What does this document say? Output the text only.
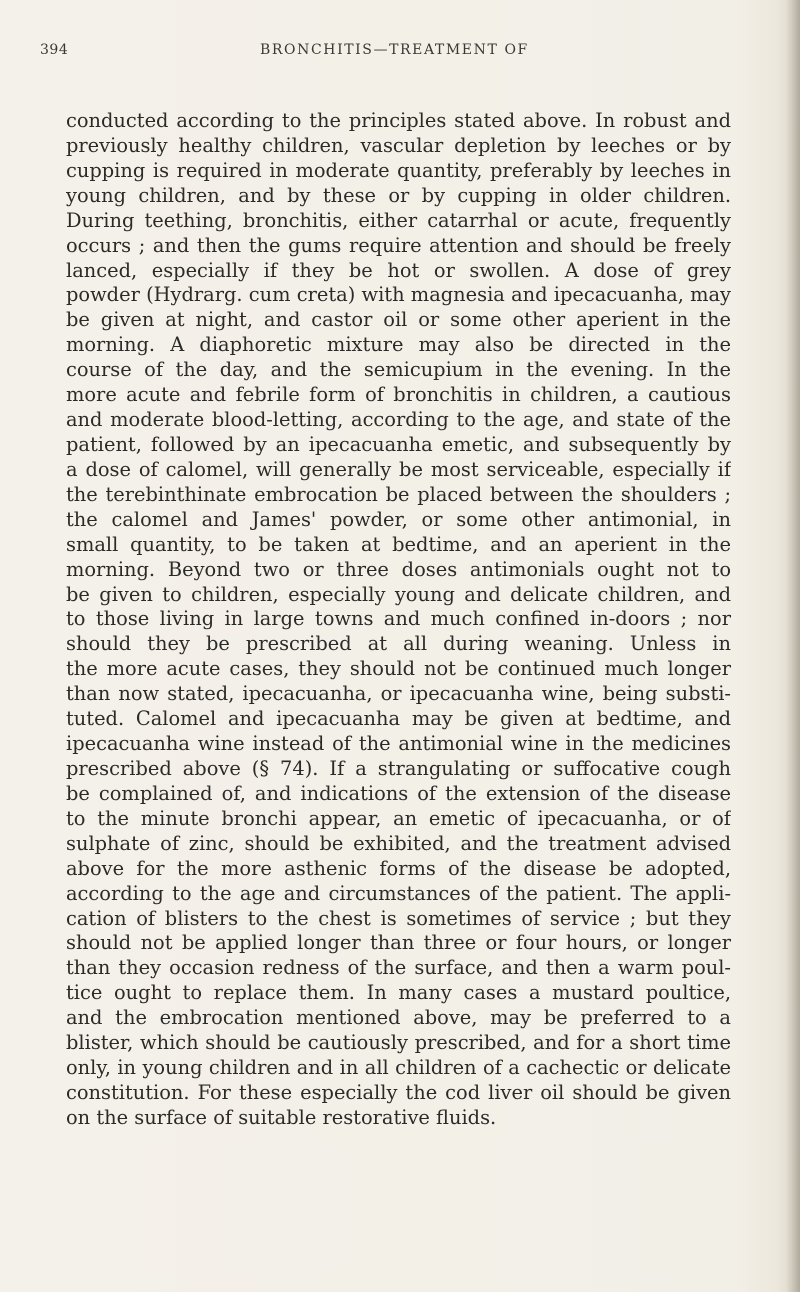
394	BRONCHITIS—TREATMENT OF
conducted according to the principles stated above. In robust and
previously healthy children, vascular depletion by leeches or by
cupping is required in moderate quantity, preferably by leeches in
young children, and by these or by cupping in older children.
During teething, bronchitis, either catarrhal or acute, frequently
occurs ; and then the gums require attention and should be freely
lanced, especially if they be hot or swollen. A dose of grey
powder (Hydrarg. cum creta) with magnesia and ipecacuanha, may
be given at night, and castor oil or some other aperient in the
morning. A diaphoretic mixture may also be directed in the
course of the day, and the semicupium in the evening. In the
more acute and febrile form of bronchitis in children, a cautious
and moderate blood-letting, according to the age, and state of the
patient, followed by an ipecacuanha emetic, and subsequently by
a dose of calomel, will generally be most serviceable, especially if
the terebinthinate embrocation be placed between the shoulders ;
the calomel and James' powder, or some other antimonial, in
small quantity, to be taken at bedtime, and an aperient in the
morning. Beyond two or three doses antimonials ought not to
be given to children, especially young and delicate children, and
to those living in large towns and much confined in-doors ; nor
should they be prescribed at all during weaning. Unless in
the more acute cases, they should not be continued much longer
than now stated, ipecacuanha, or ipecacuanha wine, being substi-
tuted. Calomel and ipecacuanha may be given at bedtime, and
ipecacuanha wine instead of the antimonial wine in the medicines
prescribed above (§ 74). If a strangulating or suffocative cough
be complained of, and indications of the extension of the disease
to the minute bronchi appear, an emetic of ipecacuanha, or of
sulphate of zinc, should be exhibited, and the treatment advised
above for the more asthenic forms of the disease be adopted,
according to the age and circumstances of the patient. The appli-
cation of blisters to the chest is sometimes of service ; but they
should not be applied longer than three or four hours, or longer
than they occasion redness of the surface, and then a warm poul-
tice ought to replace them. In many cases a mustard poultice,
and the embrocation mentioned above, may be preferred to a
blister, which should be cautiously prescribed, and for a short time
only, in young children and in all children of a cachectic or delicate
constitution. For these especially the cod liver oil should be given
on the surface of suitable restorative fluids.
